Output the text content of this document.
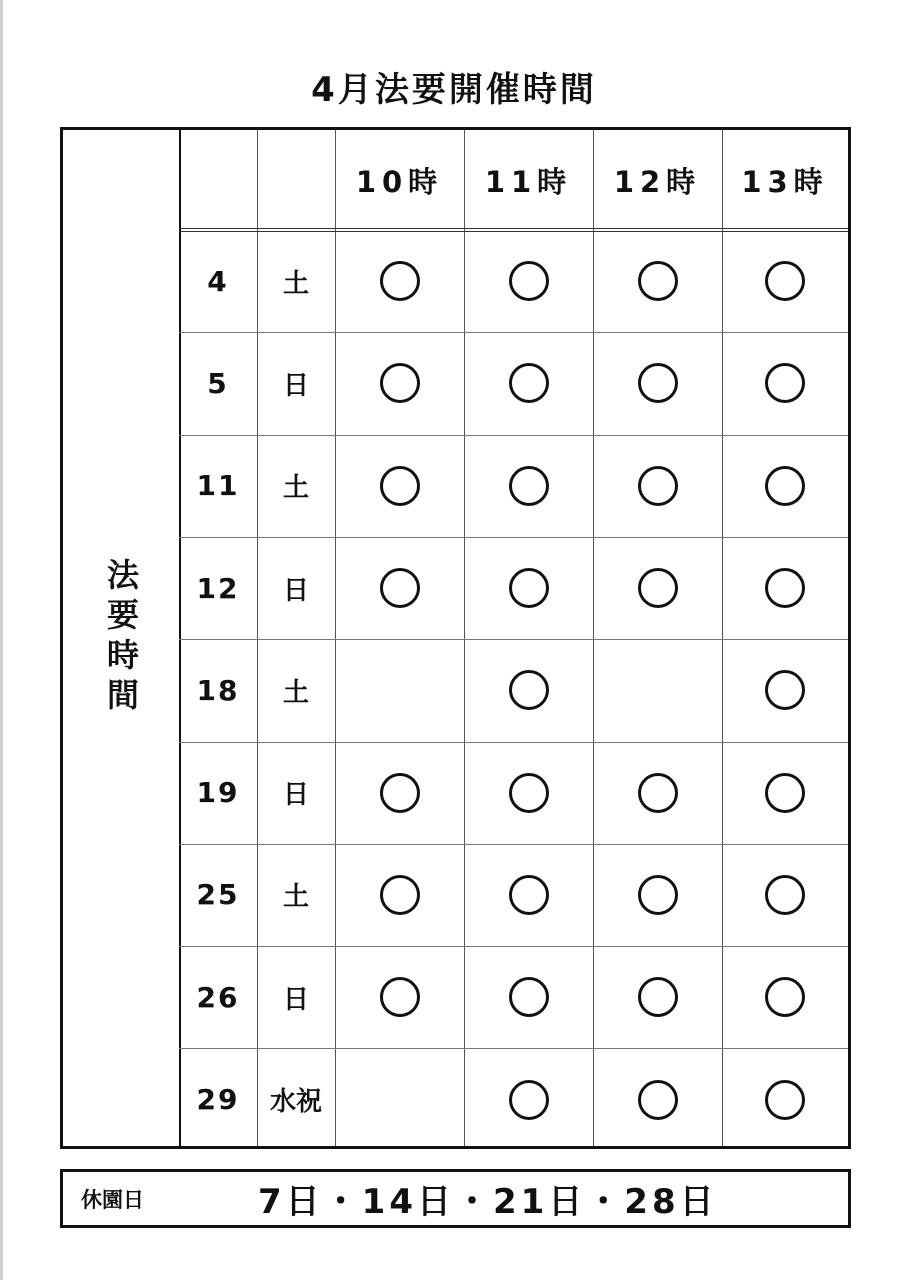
4月法要開催時間
法要時間
10時 11時 12時 13時
4 土
5 日
11 土
12 日
18 土
19 日
25 土
26 日
29 水祝
休園日	7日・14日・21日・28日
